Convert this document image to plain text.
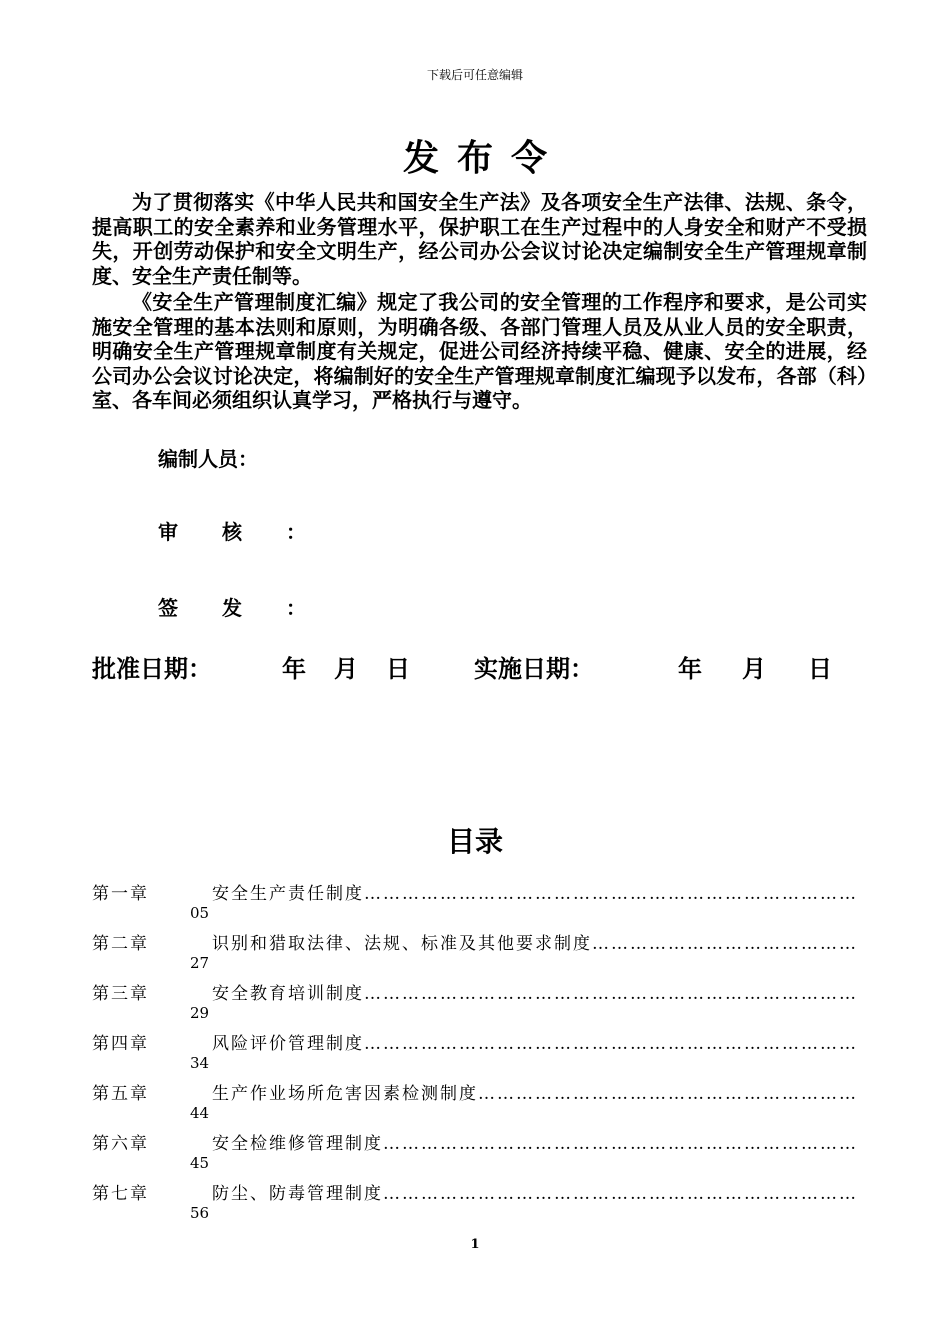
下载后可任意编辑
发布令

为了贯彻落实《中华人民共和国安全生产法》及各项安全生产法律、法规、条令，提高职工的安全素养和业务管理水平，保护职工在生产过程中的人身安全和财产不受损失，开创劳动保护和安全文明生产，经公司办公会议讨论决定编制安全生产管理规章制度、安全生产责任制等。

《安全生产管理制度汇编》规定了我公司的安全管理的工作程序和要求，是公司实施安全管理的基本法则和原则，为明确各级、各部门管理人员及从业人员的安全职责，明确安全生产管理规章制度有关规定，促进公司经济持续平稳、健康、安全的进展，经公司办公会议讨论决定，将编制好的安全生产管理规章制度汇编现予以发布，各部（科）室、各车间必须组织认真学习，严格执行与遵守。

编制人员：
审核：
签发：
批准日期：	年 月 日	实施日期：	年 月 日
目录
第一章	安全生产责任制度 …………………………………………………………………………………………………………………………
05
第二章	识别和猎取法律、法规、标准及其他要求制度 …………………………………………………………………………………………………………………………
27
第三章	安全教育培训制度 …………………………………………………………………………………………………………………………
29
第四章	风险评价管理制度 …………………………………………………………………………………………………………………………
34
第五章	生产作业场所危害因素检测制度 …………………………………………………………………………………………………………………………
44
第六章	安全检维修管理制度 …………………………………………………………………………………………………………………………
45
第七章	防尘、防毒管理制度 …………………………………………………………………………………………………………………………
56
1
